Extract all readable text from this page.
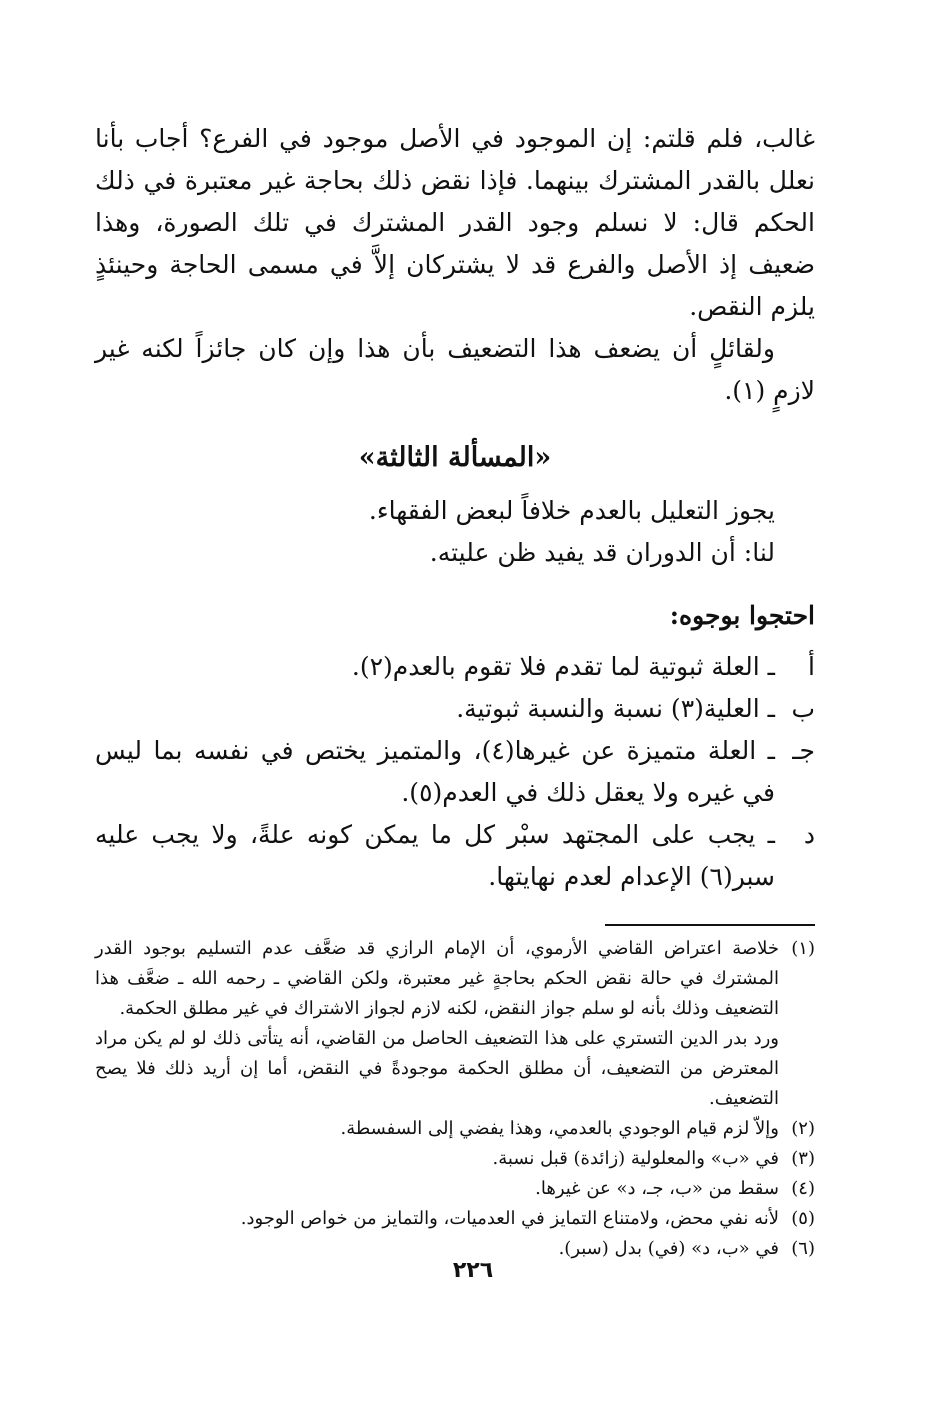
غالب، فلم قلتم: إن الموجود في الأصل موجود في الفرع؟ أجاب بأنا نعلل بالقدر المشترك بينهما. فإذا نقض ذلك بحاجة غير معتبرة في ذلك الحكم قال: لا نسلم وجود القدر المشترك في تلك الصورة، وهذا ضعيف إذ الأصل والفرع قد لا يشتركان إلاَّ في مسمى الحاجة وحينئذٍ يلزم النقص.

ولقائلٍ أن يضعف هذا التضعيف بأن هذا وإن كان جائزاً لكنه غير لازمٍ (١).

«المسألة الثالثة»

يجوز التعليل بالعدم خلافاً لبعض الفقهاء.

لنا: أن الدوران قد يفيد ظن عليته.

احتجوا بوجوه:
أ
ـ العلة ثبوتية لما تقدم فلا تقوم بالعدم(٢).
ب
ـ العلية(٣) نسبة والنسبة ثبوتية.
جـ
ـ العلة متميزة عن غيرها(٤)، والمتميز يختص في نفسه بما ليس في غيره ولا يعقل ذلك في العدم(٥).
د
ـ يجب على المجتهد سبْر كل ما يمكن كونه علةً، ولا يجب عليه سبر(٦) الإعدام لعدم نهايتها.
(١)
خلاصة اعتراض القاضي الأرموي، أن الإمام الرازي قد ضعَّف عدم التسليم بوجود القدر المشترك في حالة نقض الحكم بحاجةٍ غير معتبرة، ولكن القاضي ـ رحمه الله ـ ضعَّف هذا التضعيف وذلك بأنه لو سلم جواز النقض، لكنه لازم لجواز الاشتراك في غير مطلق الحكمة.
ورد بدر الدين التستري على هذا التضعيف الحاصل من القاضي، أنه يتأتى ذلك لو لم يكن مراد المعترض من التضعيف، أن مطلق الحكمة موجودةً في النقض، أما إن أريد ذلك فلا يصح التضعيف.
(٢)
وإلاّ لزم قيام الوجودي بالعدمي، وهذا يفضي إلى السفسطة.
(٣)
في «ب» والمعلولية (زائدة) قبل نسبة.
(٤)
سقط من «ب، جـ، د» عن غيرها.
(٥)
لأنه نفي محض، ولامتناع التمايز في العدميات، والتمايز من خواص الوجود.
(٦)
في «ب، د» (في) بدل (سبر).
٢٢٦
